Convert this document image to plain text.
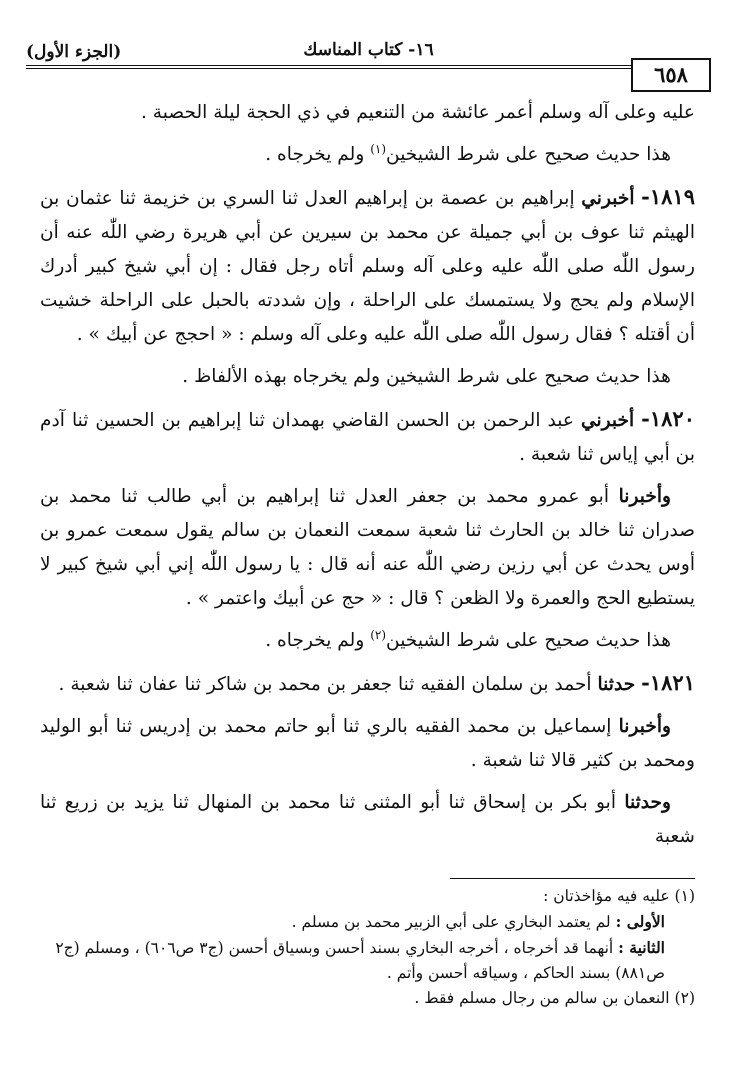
(الجزء الأول)	١٦- كتاب المناسك
٦٥٨

عليه وعلى آله وسلم أعمر عائشة من التنعيم في ذي الحجة ليلة الحصبة .

هذا حديث صحيح على شرط الشيخين$^{(١)}$ ولم يخرجاه .

١٨١٩- أخبرني إبراهيم بن عصمة بن إبراهيم العدل ثنا السري بن خزيمة ثنا عثمان بن الهيثم ثنا عوف بن أبي جميلة عن محمد بن سيرين عن أبي هريرة رضي اللّٰه عنه أن رسول اللّٰه صلى اللّٰه عليه وعلى آله وسلم أتاه رجل فقال : إن أبي شيخ كبير أدرك الإسلام ولم يحج ولا يستمسك على الراحلة ، وإن شددته بالحبل على الراحلة خشيت أن أقتله ؟ فقال رسول اللّٰه صلى اللّٰه عليه وعلى آله وسلم : « احجج عن أبيك » .

هذا حديث صحيح على شرط الشيخين ولم يخرجاه بهذه الألفاظ .

١٨٢٠- أخبرني عبد الرحمن بن الحسن القاضي بهمدان ثنا إبراهيم بن الحسين ثنا آدم بن أبي إياس ثنا شعبة .

وأخبرنا أبو عمرو محمد بن جعفر العدل ثنا إبراهيم بن أبي طالب ثنا محمد بن صدران ثنا خالد بن الحارث ثنا شعبة سمعت النعمان بن سالم يقول سمعت عمرو بن أوس يحدث عن أبي رزين رضي اللّٰه عنه أنه قال : يا رسول اللّٰه إني أبي شيخ كبير لا يستطيع الحج والعمرة ولا الظعن ؟ قال : « حج عن أبيك واعتمر » .

هذا حديث صحيح على شرط الشيخين$^{(٢)}$ ولم يخرجاه .

١٨٢١- حدثنا أحمد بن سلمان الفقيه ثنا جعفر بن محمد بن شاكر ثنا عفان ثنا شعبة .

وأخبرنا إسماعيل بن محمد الفقيه بالري ثنا أبو حاتم محمد بن إدريس ثنا أبو الوليد ومحمد بن كثير قالا ثنا شعبة .

وحدثنا أبو بكر بن إسحاق ثنا أبو المثنى ثنا محمد بن المنهال ثنا يزيد بن زريع ثنا شعبة

(١) عليه فيه مؤاخذتان :

الأولى : لم يعتمد البخاري على أبي الزبير محمد بن مسلم .

الثانية : أنهما قد أخرجاه ، أخرجه البخاري بسند أحسن وبسياق أحسن (ج٣ ص٦٠٦) ، ومسلم (ج٢ ص٨٨١) بسند الحاكم ، وسياقه أحسن وأتم .

(٢) النعمان بن سالم من رجال مسلم فقط .
